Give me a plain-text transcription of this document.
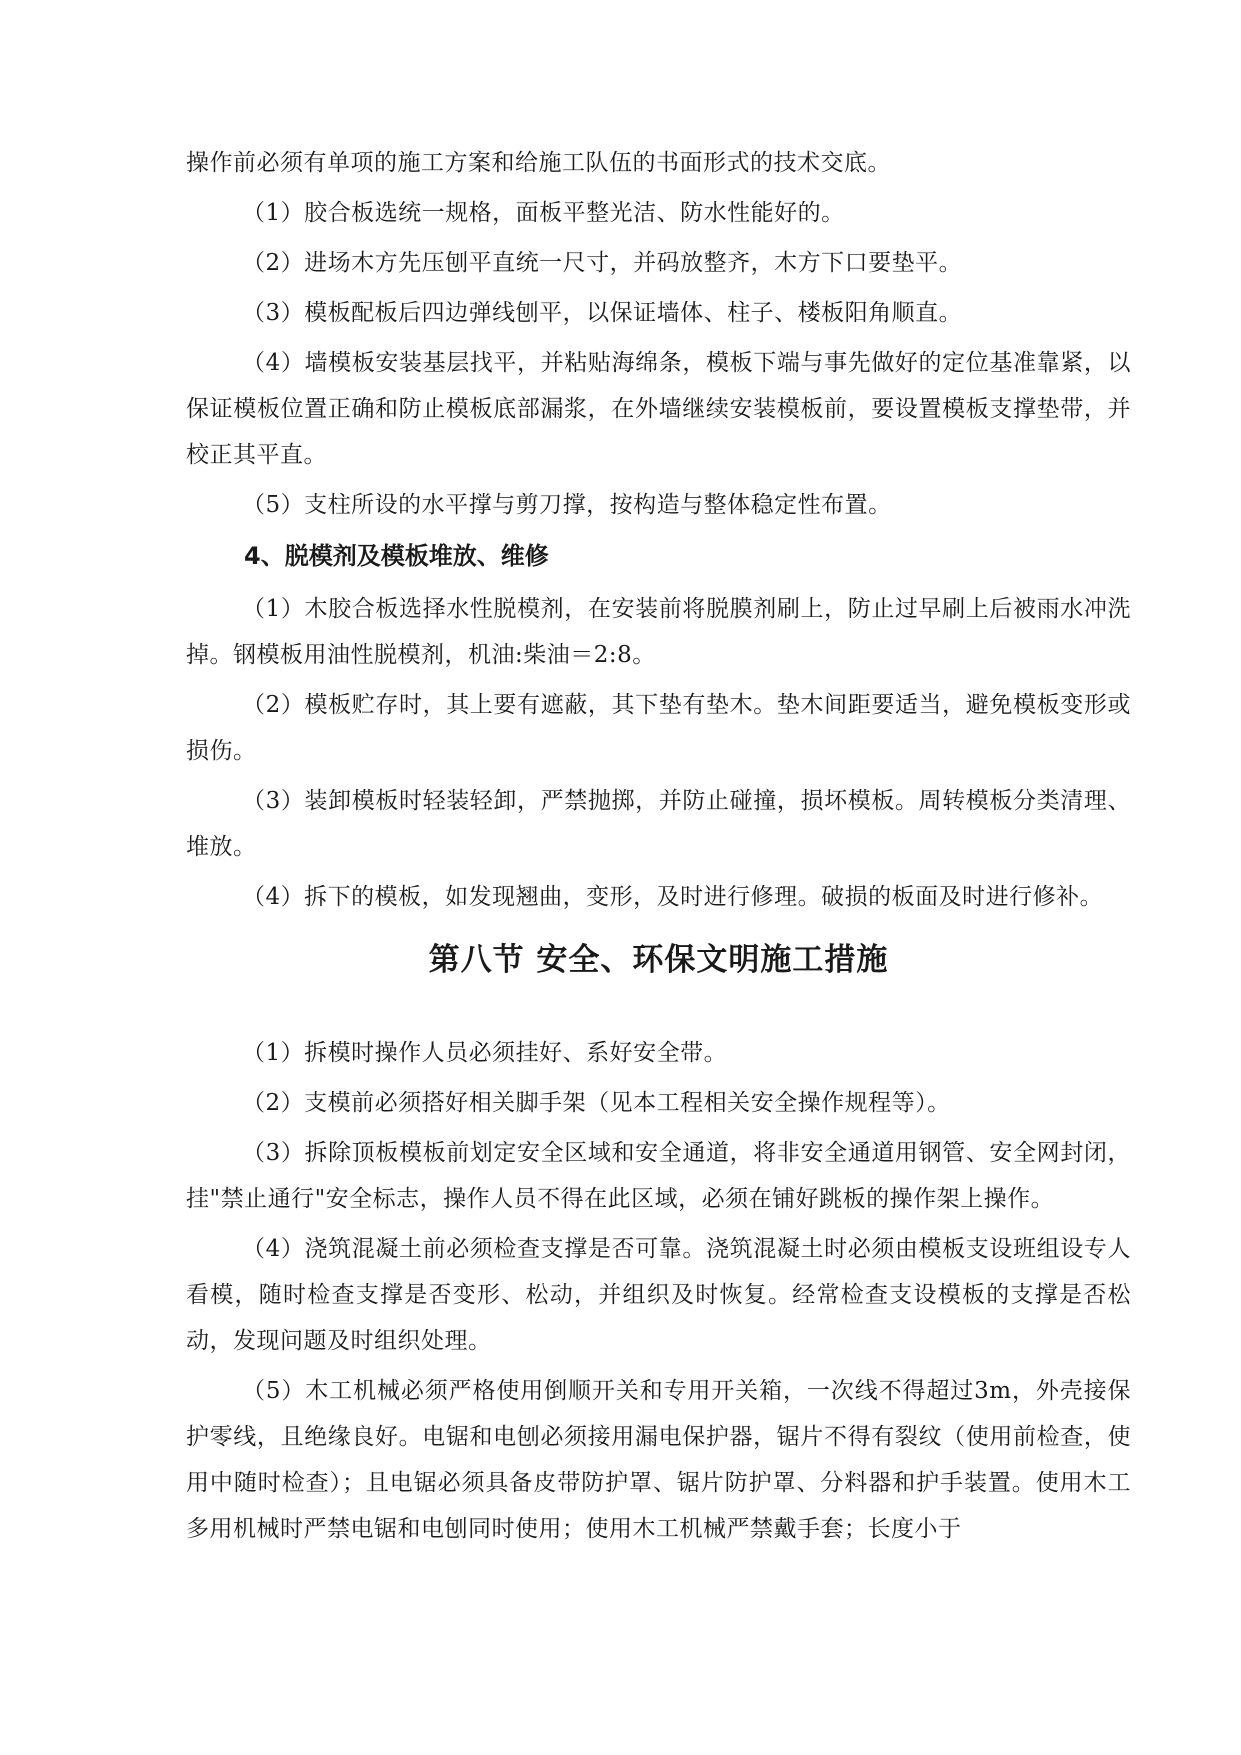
操作前必须有单项的施工方案和给施工队伍的书面形式的技术交底。

（1）胶合板选统一规格，面板平整光洁、防水性能好的。

（2）进场木方先压刨平直统一尺寸，并码放整齐，木方下口要垫平。

（3）模板配板后四边弹线刨平，以保证墙体、柱子、楼板阳角顺直。

（4）墙模板安装基层找平，并粘贴海绵条，模板下端与事先做好的定位基准靠紧，以保证模板位置正确和防止模板底部漏浆，在外墙继续安装模板前，要设置模板支撑垫带，并校正其平直。

（5）支柱所设的水平撑与剪刀撑，按构造与整体稳定性布置。

4、脱模剂及模板堆放、维修

（1）木胶合板选择水性脱模剂，在安装前将脱膜剂刷上，防止过早刷上后被雨水冲洗掉。钢模板用油性脱模剂，机油:柴油＝2:8。

（2）模板贮存时，其上要有遮蔽，其下垫有垫木。垫木间距要适当，避免模板变形或损伤。

（3）装卸模板时轻装轻卸，严禁抛掷，并防止碰撞，损坏模板。周转模板分类清理、堆放。

（4）拆下的模板，如发现翘曲，变形，及时进行修理。破损的板面及时进行修补。

第八节 安全、环保文明施工措施

（1）拆模时操作人员必须挂好、系好安全带。

（2）支模前必须搭好相关脚手架（见本工程相关安全操作规程等）。

（3）拆除顶板模板前划定安全区域和安全通道，将非安全通道用钢管、安全网封闭，挂"禁止通行"安全标志，操作人员不得在此区域，必须在铺好跳板的操作架上操作。

（4）浇筑混凝土前必须检查支撑是否可靠。浇筑混凝土时必须由模板支设班组设专人看模，随时检查支撑是否变形、松动，并组织及时恢复。经常检查支设模板的支撑是否松动，发现问题及时组织处理。

（5）木工机械必须严格使用倒顺开关和专用开关箱，一次线不得超过3m，外壳接保护零线，且绝缘良好。电锯和电刨必须接用漏电保护器，锯片不得有裂纹（使用前检查，使用中随时检查）；且电锯必须具备皮带防护罩、锯片防护罩、分料器和护手装置。使用木工多用机械时严禁电锯和电刨同时使用；使用木工机械严禁戴手套；长度小于
